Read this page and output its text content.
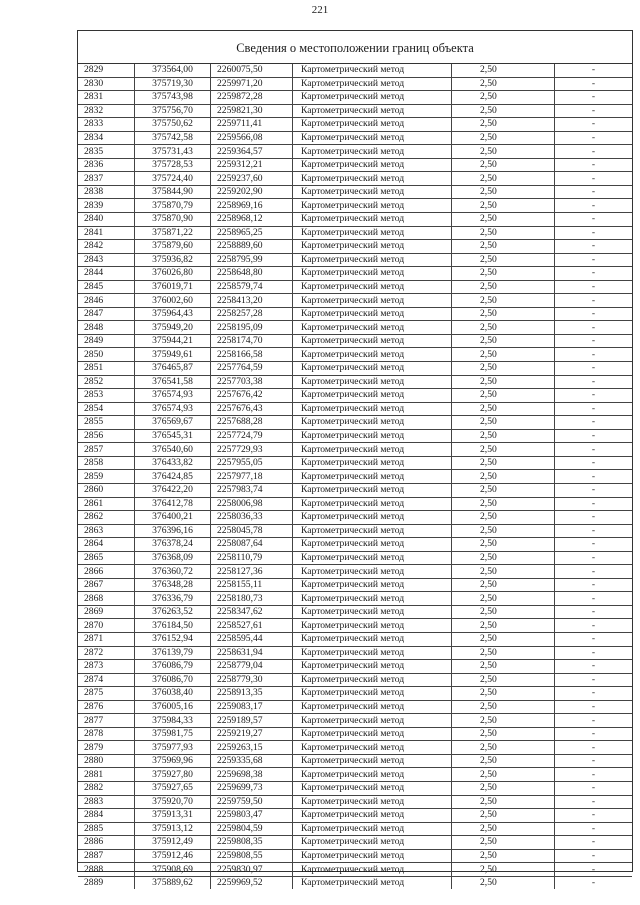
221
Сведения о местоположении границ объекта
2829	373564,00	2260075,50	Картометрический метод	2,50	-
2830	375719,30	2259971,20	Картометрический метод	2,50	-
2831	375743,98	2259872,28	Картометрический метод	2,50	-
2832	375756,70	2259821,30	Картометрический метод	2,50	-
2833	375750,62	2259711,41	Картометрический метод	2,50	-
2834	375742,58	2259566,08	Картометрический метод	2,50	-
2835	375731,43	2259364,57	Картометрический метод	2,50	-
2836	375728,53	2259312,21	Картометрический метод	2,50	-
2837	375724,40	2259237,60	Картометрический метод	2,50	-
2838	375844,90	2259202,90	Картометрический метод	2,50	-
2839	375870,79	2258969,16	Картометрический метод	2,50	-
2840	375870,90	2258968,12	Картометрический метод	2,50	-
2841	375871,22	2258965,25	Картометрический метод	2,50	-
2842	375879,60	2258889,60	Картометрический метод	2,50	-
2843	375936,82	2258795,99	Картометрический метод	2,50	-
2844	376026,80	2258648,80	Картометрический метод	2,50	-
2845	376019,71	2258579,74	Картометрический метод	2,50	-
2846	376002,60	2258413,20	Картометрический метод	2,50	-
2847	375964,43	2258257,28	Картометрический метод	2,50	-
2848	375949,20	2258195,09	Картометрический метод	2,50	-
2849	375944,21	2258174,70	Картометрический метод	2,50	-
2850	375949,61	2258166,58	Картометрический метод	2,50	-
2851	376465,87	2257764,59	Картометрический метод	2,50	-
2852	376541,58	2257703,38	Картометрический метод	2,50	-
2853	376574,93	2257676,42	Картометрический метод	2,50	-
2854	376574,93	2257676,43	Картометрический метод	2,50	-
2855	376569,67	2257688,28	Картометрический метод	2,50	-
2856	376545,31	2257724,79	Картометрический метод	2,50	-
2857	376540,60	2257729,93	Картометрический метод	2,50	-
2858	376433,82	2257955,05	Картометрический метод	2,50	-
2859	376424,85	2257977,18	Картометрический метод	2,50	-
2860	376422,20	2257983,74	Картометрический метод	2,50	-
2861	376412,78	2258006,98	Картометрический метод	2,50	-
2862	376400,21	2258036,33	Картометрический метод	2,50	-
2863	376396,16	2258045,78	Картометрический метод	2,50	-
2864	376378,24	2258087,64	Картометрический метод	2,50	-
2865	376368,09	2258110,79	Картометрический метод	2,50	-
2866	376360,72	2258127,36	Картометрический метод	2,50	-
2867	376348,28	2258155,11	Картометрический метод	2,50	-
2868	376336,79	2258180,73	Картометрический метод	2,50	-
2869	376263,52	2258347,62	Картометрический метод	2,50	-
2870	376184,50	2258527,61	Картометрический метод	2,50	-
2871	376152,94	2258595,44	Картометрический метод	2,50	-
2872	376139,79	2258631,94	Картометрический метод	2,50	-
2873	376086,79	2258779,04	Картометрический метод	2,50	-
2874	376086,70	2258779,30	Картометрический метод	2,50	-
2875	376038,40	2258913,35	Картометрический метод	2,50	-
2876	376005,16	2259083,17	Картометрический метод	2,50	-
2877	375984,33	2259189,57	Картометрический метод	2,50	-
2878	375981,75	2259219,27	Картометрический метод	2,50	-
2879	375977,93	2259263,15	Картометрический метод	2,50	-
2880	375969,96	2259335,68	Картометрический метод	2,50	-
2881	375927,80	2259698,38	Картометрический метод	2,50	-
2882	375927,65	2259699,73	Картометрический метод	2,50	-
2883	375920,70	2259759,50	Картометрический метод	2,50	-
2884	375913,31	2259803,47	Картометрический метод	2,50	-
2885	375913,12	2259804,59	Картометрический метод	2,50	-
2886	375912,49	2259808,35	Картометрический метод	2,50	-
2887	375912,46	2259808,55	Картометрический метод	2,50	-
2888	375908,69	2259830,97	Картометрический метод	2,50	-
2889	375889,62	2259969,52	Картометрический метод	2,50	-
